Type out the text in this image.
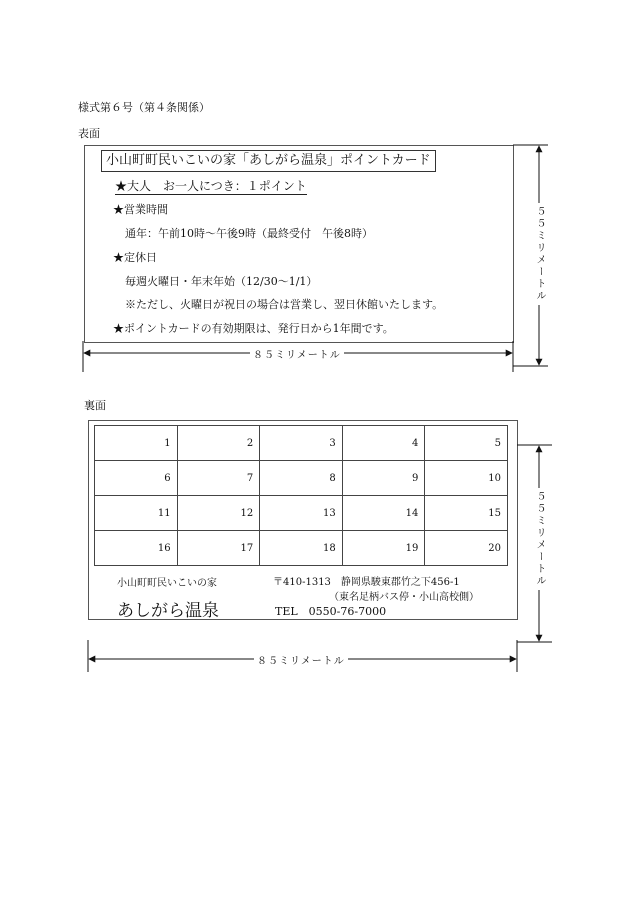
様式第６号（第４条関係）
表面
小山町町民いこいの家「あしがら温泉」ポイントカード
★大人　お一人につき：１ポイント
★営業時間
通年：午前10時～午後9時（最終受付　午後8時）
★定休日
毎週火曜日・年末年始（12/30～1/1）
※ただし、火曜日が祝日の場合は営業し、翌日休館いたします。
★ポイントカードの有効期限は、発行日から1年間です。
裏面
1	2	3	4	5
6	7	8	9	10
11	12	13	14	15
16	17	18	19	20
小山町町民いこいの家
あしがら温泉
〒410-1313　静岡県駿東郡竹之下456-1
（東名足柄バス停・小山高校側）
TEL　0550-76-7000
８５ミリメートル
５５ミリメートル
８５ミリメートル
５５ミリメートル
